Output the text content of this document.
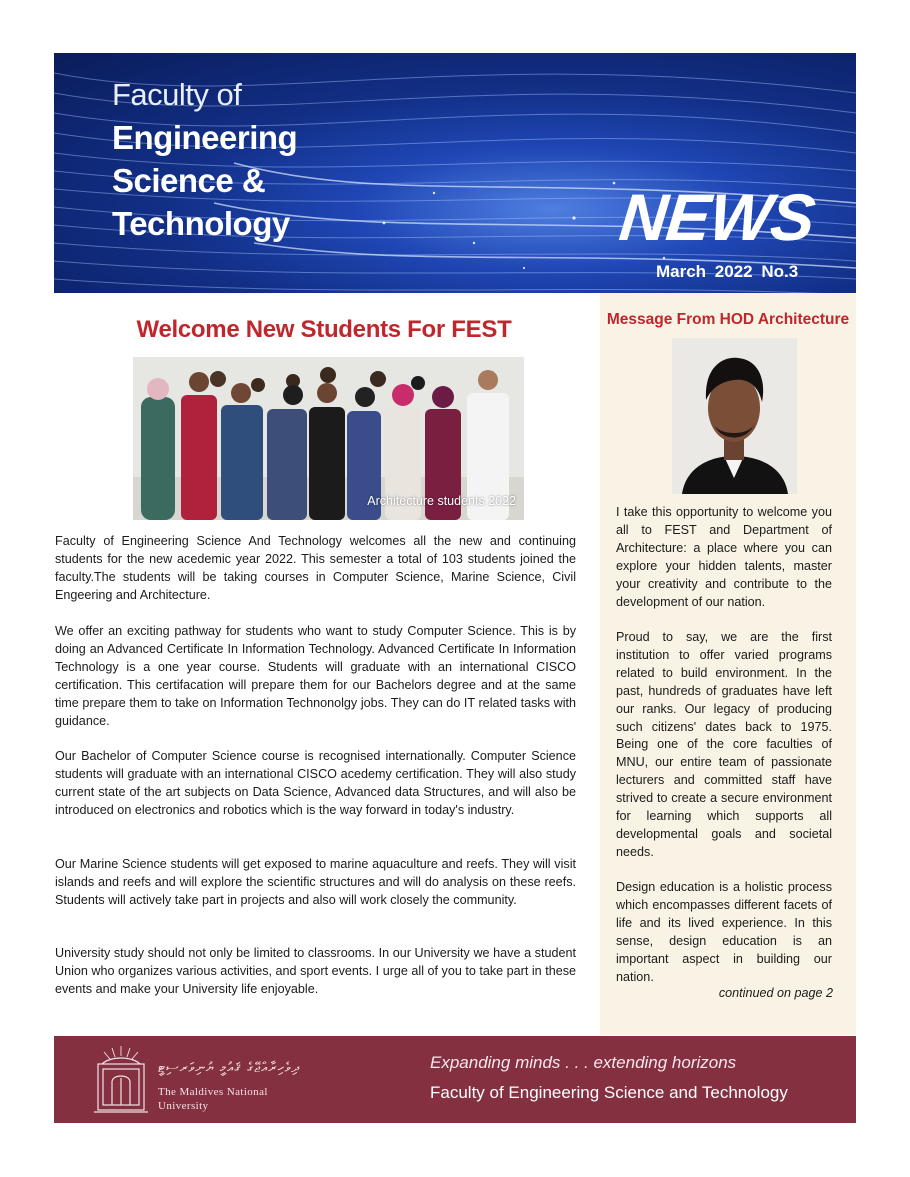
Faculty of
Engineering
Science &
Technology	NEWS
March 2022 No.3
Welcome New Students For FEST
Architecture students 2022

Faculty of Engineering Science And Technology welcomes all the new and continuing students for the new acedemic year 2022. This semester a total of 103 students joined the faculty.The students will be taking courses in Computer Science, Marine Science, Civil Engeering and Architecture.

We offer an exciting pathway for students who want to study Computer Science. This is by doing an Advanced Certificate In Information Technology. Advanced Certificate In Information Technology is a one year course. Students will graduate with an international CISCO certification. This certifacation will prepare them for our Bachelors degree and at the same time prepare them to take on Information Technonolgy jobs. They can do IT related tasks with guidance.

Our Bachelor of Computer Science course is recognised internationally. Computer Science students will graduate with an international CISCO acedemy certification. They will also study current state of the art subjects on Data Science, Advanced data Structures, and will also be introduced on electronics and robotics which is the way forward in today's industry.

Our Marine Science students will get exposed to marine aquaculture and reefs. They will visit islands and reefs and will explore the scientific structures and will do analysis on these reefs. Students will actively take part in projects and also will work closely the community.

University study should not only be limited to classrooms. In our University we have a student Union who organizes various activities, and sport events. I urge all of you to take part in these events and make your University life enjoyable.

Message From HOD Architecture

I take this opportunity to welcome you all to FEST and Department of Architecture: a place where you can explore your hidden talents, master your creativity and contribute to the development of our nation.

Proud to say, we are the first institution to offer varied programs related to build environment. In the past, hundreds of graduates have left our ranks. Our legacy of producing such citizens' dates back to 1975. Being one of the core faculties of MNU, our entire team of passionate lecturers and committed staff have strived to create a secure environment for learning which supports all developmental goals and societal needs.

Design education is a holistic process which encompasses different facets of life and its lived experience. In this sense, design education is an important aspect in building our nation.

continued on page 2
ދިވެހިރާއްޖޭގެ ޤައުމީ ޔުނިވަރސިޓީ
The Maldives National
University
Expanding minds . . . extending horizons
Faculty of Engineering Science and Technology
